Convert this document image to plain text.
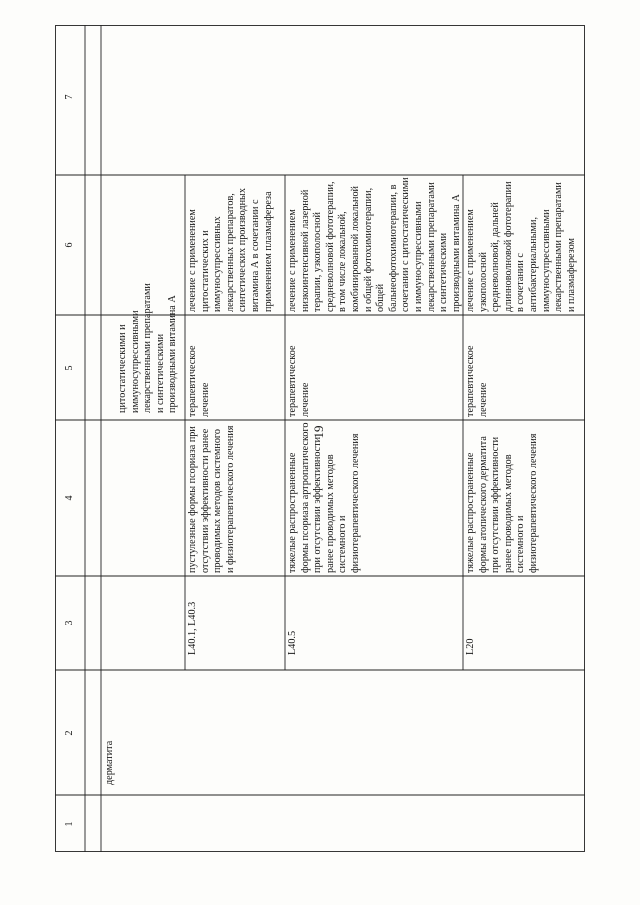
19
1
2
3
4
5
6
7
дерматита
цитостатическими и иммуносупрессивными лекарственными препаратами и синтетическими производными витамина А
L40.1, L40.3
пустулезные формы псориаза при отсутствии эффективности ранее проводимых методов системного и физиотерапевтического лечения
терапевтическое лечение
лечение с применением цитостатических и иммуносупрессивных лекарственных препаратов, синтетических производных витамина А в сочетании с применением плазмафереза
L40.5
тяжелые распространенные формы псориаза артропатического при отсутствии эффективности ранее проводимых методов системного и физиотерапевтического лечения
терапевтическое лечение
лечение с применением низкоинтенсивной лазерной терапии, узкополосной средневолновой фототерапии, в том числе локальной, комбинированной локальной и общей фотохимиотерапии, общей бальнеофотохимиотерапии, в сочетании с цитостатическими и иммуносупрессивными лекарственными препаратами и синтетическими производными витамина А
L20
тяжелые распространенные формы атопического дерматита при отсутствии эффективности ранее проводимых методов системного и физиотерапевтического лечения
терапевтическое лечение
лечение с применением узкополосной средневолновой, дальней длинноволновой фототерапии в сочетании с антибактериальными, иммуносупрессивными лекарственными препаратами и плазмаферезом
